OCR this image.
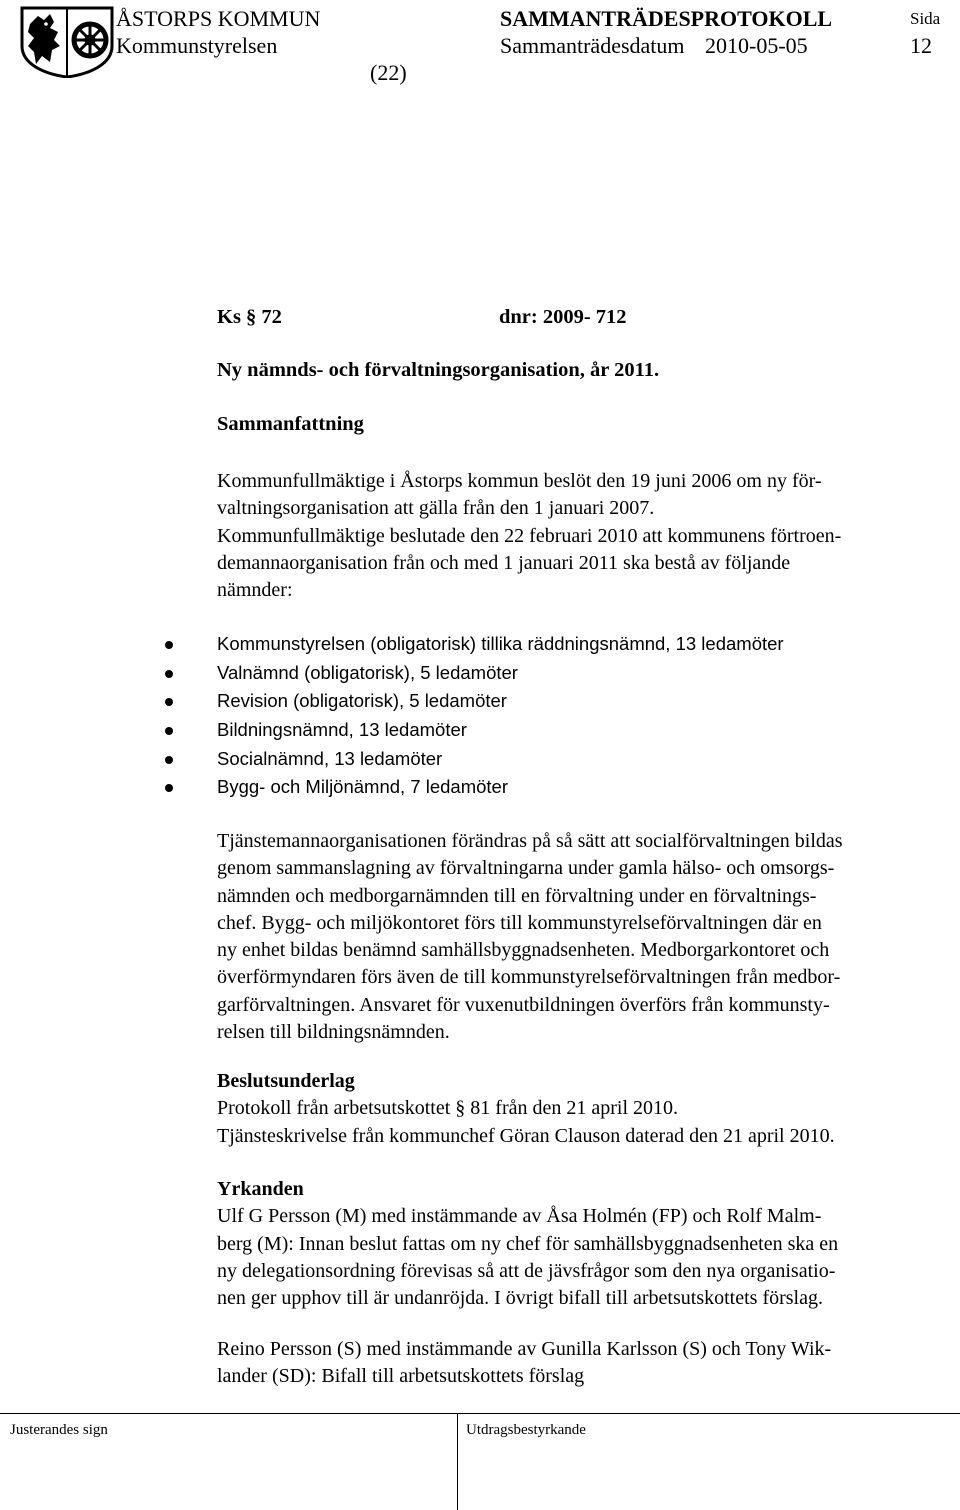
ÅSTORPS KOMMUN	SAMMANTRÄDESPROTOKOLL	Sida
Kommunstyrelsen	Sammanträdesdatum 2010-05-05	12
(22)
Ks § 72	dnr: 2009- 712
Ny nämnds- och förvaltningsorganisation, år 2011.
Sammanfattning

Kommunfullmäktige i Åstorps kommun beslöt den 19 juni 2006 om ny för-

valtningsorganisation att gälla från den 1 januari 2007.

Kommunfullmäktige beslutade den 22 februari 2010 att kommunens förtroen-

demannaorganisation från och med 1 januari 2011 ska bestå av följande

nämnder:

Kommunstyrelsen (obligatorisk) tillika räddningsnämnd, 13 ledamöter
Valnämnd (obligatorisk), 5 ledamöter
Revision (obligatorisk), 5 ledamöter
Bildningsnämnd, 13 ledamöter
Socialnämnd, 13 ledamöter
Bygg- och Miljönämnd, 7 ledamöter

Tjänstemannaorganisationen förändras på så sätt att socialförvaltningen bildas

genom sammanslagning av förvaltningarna under gamla hälso- och omsorgs-

nämnden och medborgarnämnden till en förvaltning under en förvaltnings-

chef. Bygg- och miljökontoret förs till kommunstyrelseförvaltningen där en

ny enhet bildas benämnd samhällsbyggnadsenheten. Medborgarkontoret och

överförmyndaren förs även de till kommunstyrelseförvaltningen från medbor-

garförvaltningen. Ansvaret för vuxenutbildningen överförs från kommunsty-

relsen till bildningsnämnden.

Beslutsunderlag

Protokoll från arbetsutskottet § 81 från den 21 april 2010.

Tjänsteskrivelse från kommunchef Göran Clauson daterad den 21 april 2010.

Yrkanden

Ulf G Persson (M) med instämmande av Åsa Holmén (FP) och Rolf Malm-

berg (M): Innan beslut fattas om ny chef för samhällsbyggnadsenheten ska en

ny delegationsordning förevisas så att de jävsfrågor som den nya organisatio-

nen ger upphov till är undanröjda. I övrigt bifall till arbetsutskottets förslag.

Reino Persson (S) med instämmande av Gunilla Karlsson (S) och Tony Wik-

lander (SD): Bifall till arbetsutskottets förslag

Justerandes sign	Utdragsbestyrkande
